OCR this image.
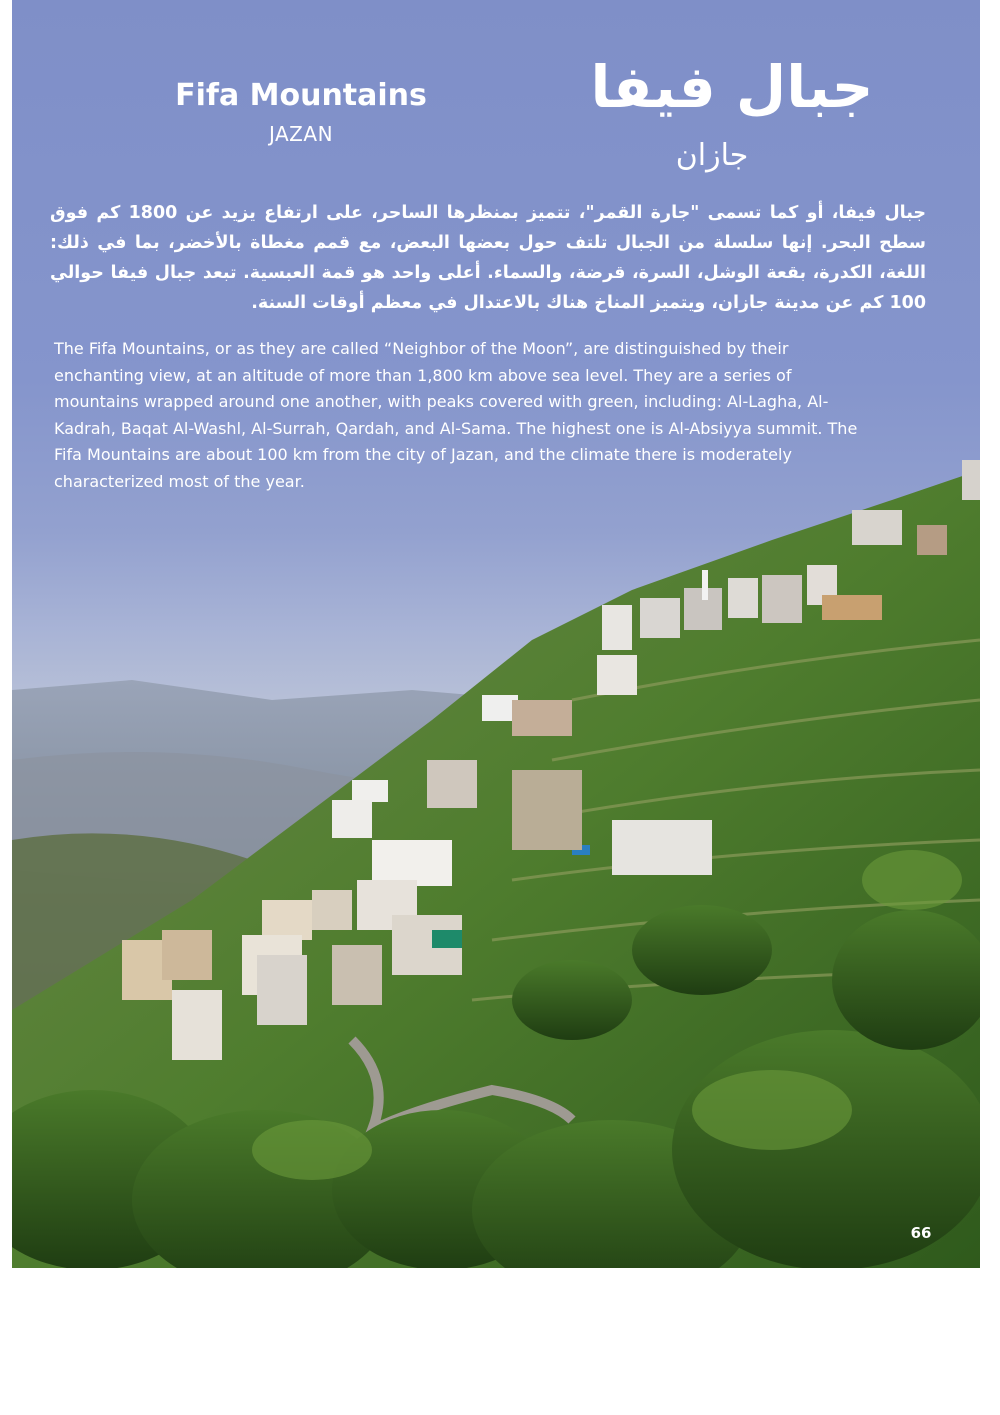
Fifa Mountains
JAZAN
جبال فيفا
جازان
جبال فيفا، أو كما تسمى "جارة القمر"، تتميز بمنظرها الساحر، على ارتفاع يزيد عن 1800 كم فوق سطح البحر. إنها سلسلة من الجبال تلتف حول بعضها البعض، مع قمم مغطاة بالأخضر، بما في ذلك: اللغة، الكدرة، بقعة الوشل، السرة، قرضة، والسماء. أعلى واحد هو قمة العبسية. تبعد جبال فيفا حوالي 100 كم عن مدينة جازان، ويتميز المناخ هناك بالاعتدال في معظم أوقات السنة.
The Fifa Mountains, or as they are called “Neighbor of the Moon”, are distinguished by their enchanting view, at an altitude of more than 1,800 km above sea level. They are a series of mountains wrapped around one another, with peaks covered with green, including: Al-Lagha, Al-Kadrah, Baqat Al-Washl, Al-Surrah, Qardah, and Al-Sama. The highest one is Al-Absiyya summit. The Fifa Mountains are about 100 km from the city of Jazan, and the climate there is moderately characterized most of the year.
66
